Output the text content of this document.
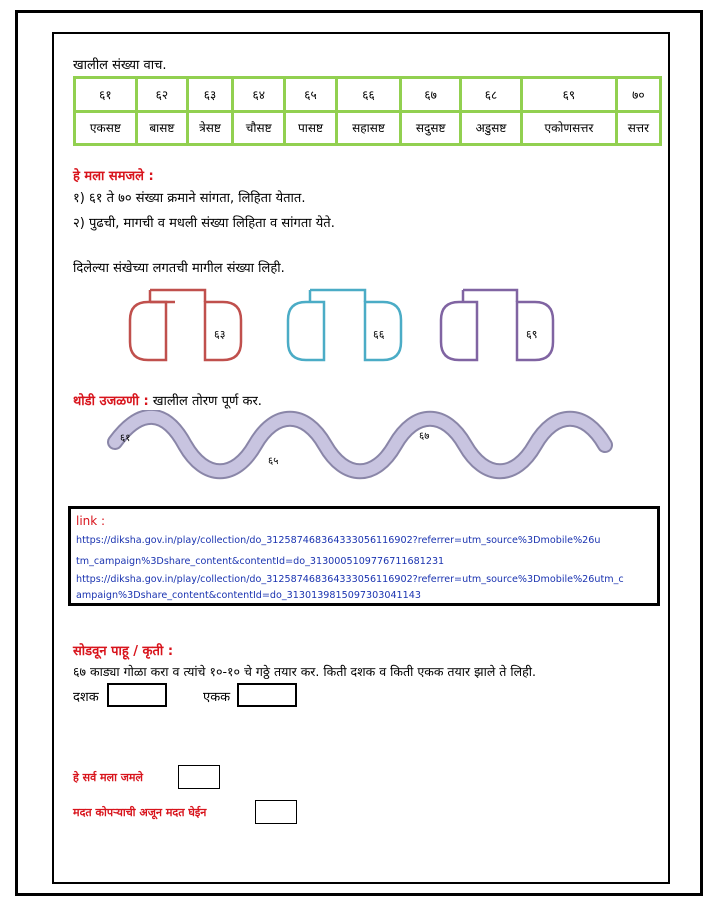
खालील संख्या वाच.
६१	६२	६३	६४	६५	६६	६७	६८	६९	७०
एकसष्ट	बासष्ट	त्रेसष्ट	चौसष्ट	पासष्ट	सहासष्ट	सदुसष्ट	अडुसष्ट	एकोणसत्तर	सत्तर
हे मला समजले :
१) ६१ ते ७० संख्या क्रमाने सांगता, लिहिता येतात.
२) पुढची, मागची व मधली संख्या लिहिता व सांगता येते.
दिलेल्या संखेच्या लगतची मागील संख्या लिही.
६३	६६	६९
थोडी उजळणी : खालील तोरण पूर्ण कर.
६१
६५
६७
link :
https://diksha.gov.in/play/collection/do_3125874683643330561169​02?referrer=utm_source%3Dmobile%26u
tm_campaign%3Dshare_content&contentId=do_3130005109776711681231
https://diksha.gov.in/play/collection/do_3125874683643330561169​02?referrer=utm_source%3Dmobile%26utm_c
ampaign%3Dshare_content&contentId=do_31301398150973030411​43
सोडवून पाहू / कृती :
६७ काड्या गोळा करा व त्यांचे १०-१० चे गठ्ठे तयार कर. किती दशक व किती एकक तयार झाले ते लिही.
दशक	एकक
हे सर्व मला जमले
मदत कोपऱ्याची अजून मदत घेईन
